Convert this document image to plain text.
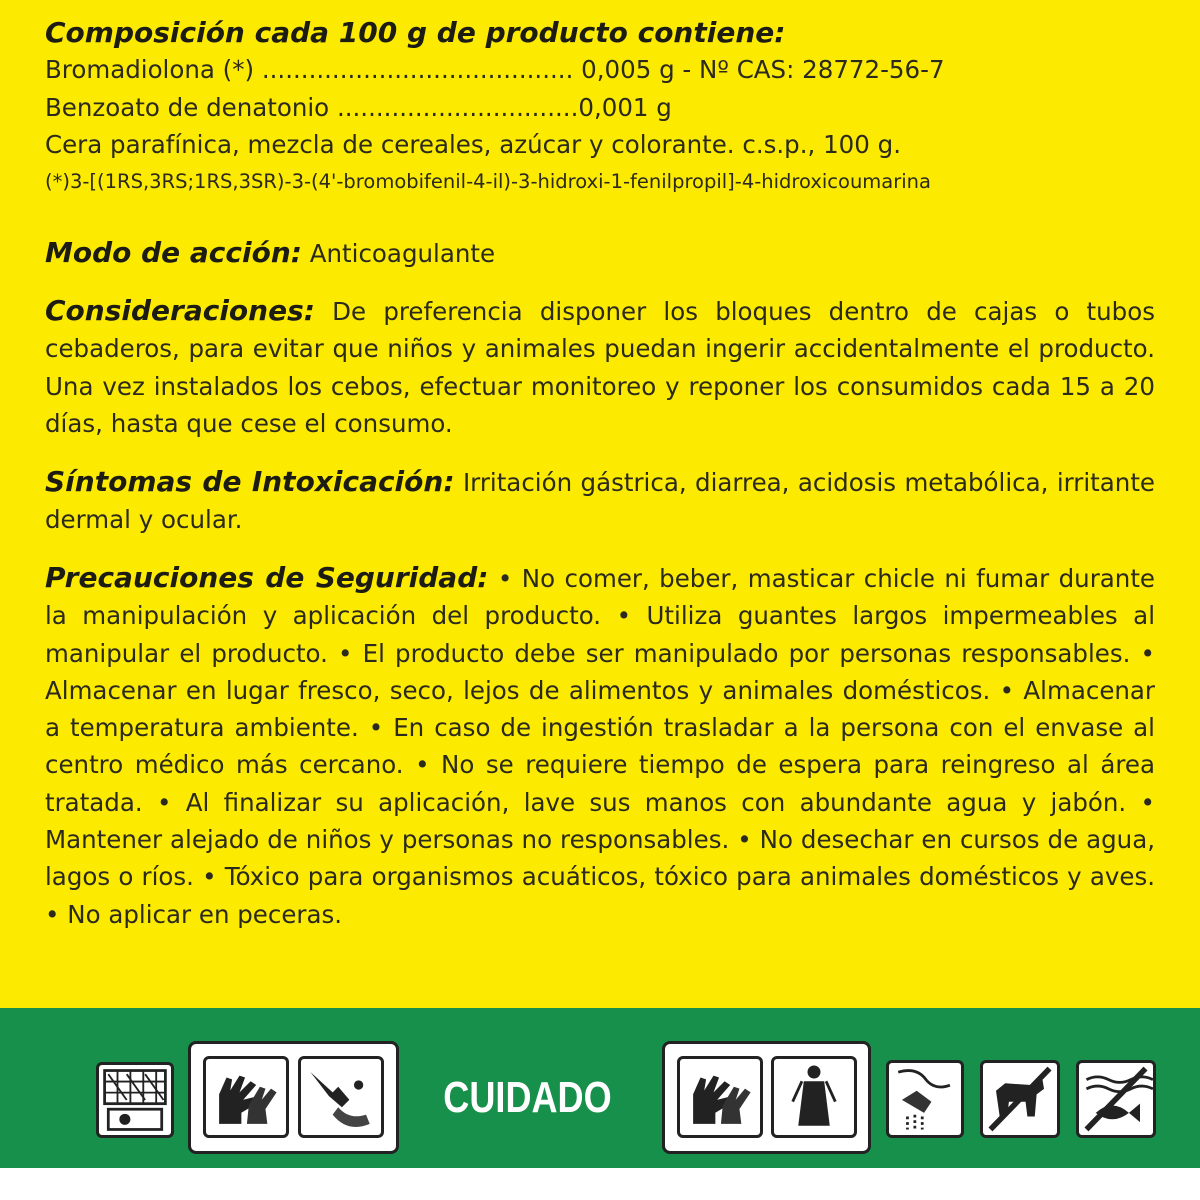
Composición cada 100 g de producto contiene:
Bromadiolona (*) ........................................ 0,005 g - Nº CAS: 28772-56-7
Benzoato de denatonio ...............................0,001 g
Cera parafínica, mezcla de cereales, azúcar y colorante. c.s.p., 100 g.
(*)3-[(1RS,3RS;1RS,3SR)-3-(4'-bromobifenil-4-il)-3-hidroxi-1-fenilpropil]-4-hidroxicoumarina
Modo de acción: Anticoagulante
Consideraciones: De preferencia disponer los bloques dentro de cajas o tubos cebaderos, para evitar que niños y animales puedan ingerir accidentalmente el producto. Una vez instalados los cebos, efectuar monitoreo y reponer los consumidos cada 15 a 20 días, hasta que cese el consumo.
Síntomas de Intoxicación: Irritación gástrica, diarrea, acidosis metabólica, irritante dermal y ocular.
Precauciones de Seguridad: • No comer, beber, masticar chicle ni fumar durante la manipulación y aplicación del producto. • Utiliza guantes largos impermeables al manipular el producto. • El producto debe ser manipulado por personas responsables. • Almacenar en lugar fresco, seco, lejos de alimentos y animales domésticos. • Almacenar a temperatura ambiente. • En caso de ingestión trasladar a la persona con el envase al centro médico más cercano. • No se requiere tiempo de espera para reingreso al área tratada. • Al finalizar su aplicación, lave sus manos con abundante agua y jabón. • Mantener alejado de niños y personas no responsables. • No desechar en cursos de agua, lagos o ríos. • Tóxico para organismos acuáticos, tóxico para animales domésticos y aves. • No aplicar en peceras.
CUIDADO
